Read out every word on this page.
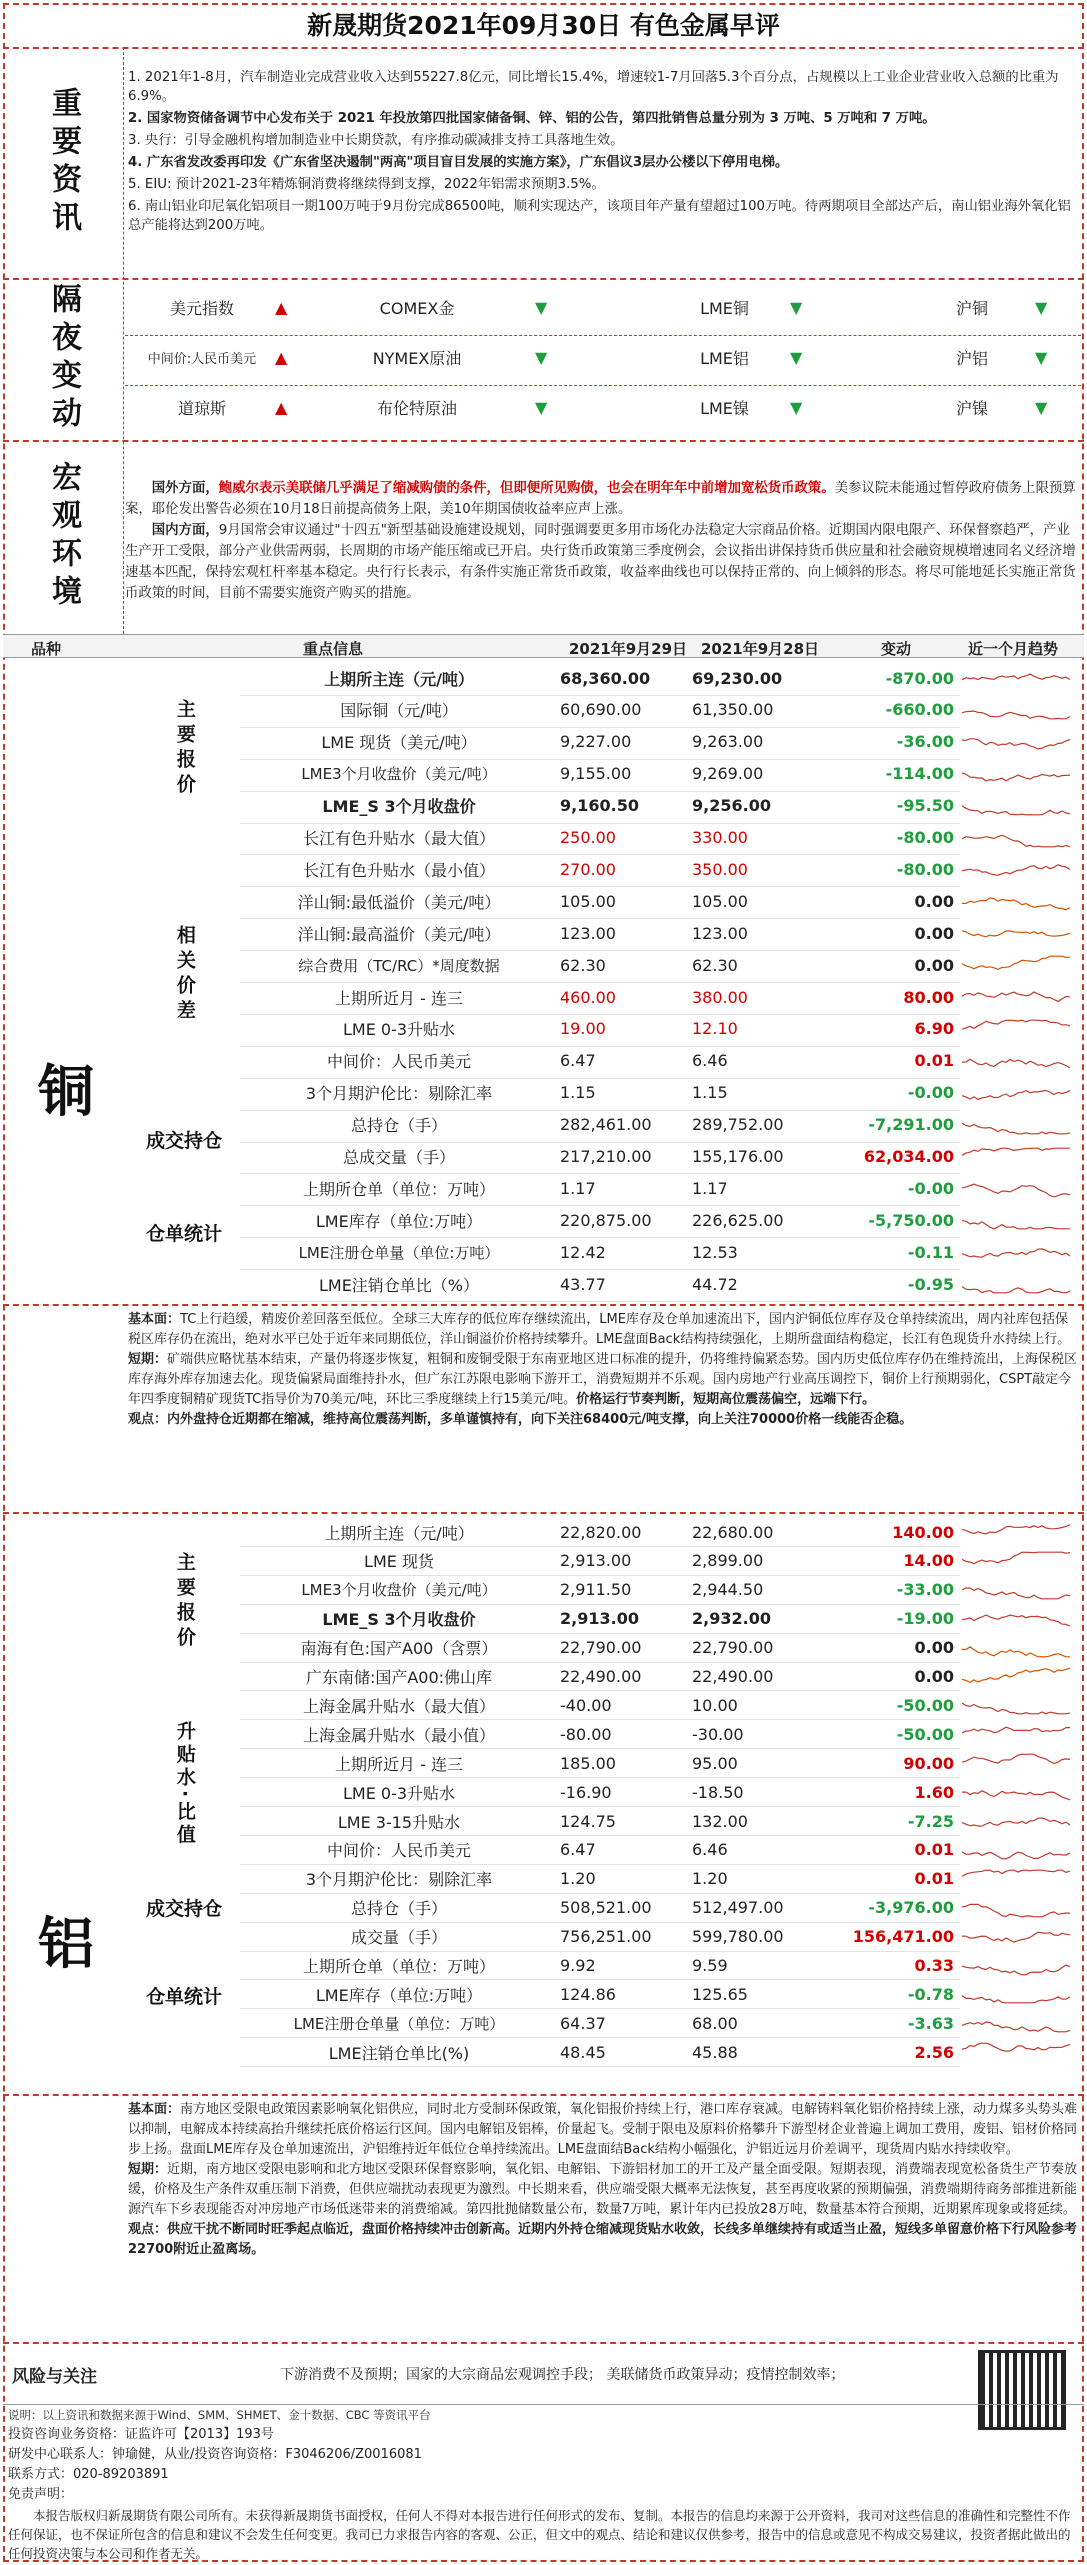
新晟期货2021年09月30日 有色金属早评
重要资讯

1. 2021年1-8月，汽车制造业完成营业收入达到55227.8亿元，同比增长15.4%，增速较1-7月回落5.3个百分点，占规模以上工业企业营业收入总额的比重为6.9%。

2. 国家物资储备调节中心发布关于 2021 年投放第四批国家储备铜、锌、铝的公告，第四批销售总量分别为 3 万吨、5 万吨和 7 万吨。

3. 央行：引导金融机构增加制造业中长期贷款，有序推动碳减排支持工具落地生效。

4. 广东省发改委再印发《广东省坚决遏制"两高"项目盲目发展的实施方案》，广东倡议3层办公楼以下停用电梯。

5. EIU: 预计2021-23年精炼铜消费将继续得到支撑，2022年铝需求预期3.5%。

6. 南山铝业印尼氧化铝项目一期100万吨于9月份完成86500吨，顺利实现达产，该项目年产量有望超过100万吨。待两期项目全部达产后，南山铝业海外氧化铝总产能将达到200万吨。

隔夜变动	美元指数	▲	COMEX金	▼	LME铜	▼	沪铜	▼
中间价:人民币美元	▲	NYMEX原油	▼	LME铝	▼	沪铝	▼
道琼斯	▲	布伦特原油	▼	LME镍	▼	沪镍	▼
宏观环境	国外方面，鲍威尔表示美联储几乎满足了缩减购债的条件，但即便所见购债，也会在明年年中前增加宽松货币政策。美参议院未能通过暂停政府债务上限预算案，耶伦发出警告必须在10月18日前提高债务上限，美10年期国债收益率应声上涨。

国内方面，9月国常会审议通过"十四五"新型基础设施建设规划，同时强调要更多用市场化办法稳定大宗商品价格。近期国内限电限产、环保督察趋严，产业生产开工受限，部分产业供需两弱，长周期的市场产能压缩或已开启。央行货币政策第三季度例会，会议指出讲保持货币供应量和社会融资规模增速同名义经济增速基本匹配，保持宏观杠杆率基本稳定。央行行长表示，有条件实施正常货币政策，收益率曲线也可以保持正常的、向上倾斜的形态。将尽可能地延长实施正常货币政策的时间，目前不需要实施资产购买的措施。

品种	重点信息	2021年9月29日 2021年9月28日	变动	近一个月趋势
铜
主要报价
相关价差
成交持仓
仓单统计
上期所主连（元/吨）	68,360.00	69,230.00	-870.00
国际铜（元/吨）	60,690.00	61,350.00	-660.00
LME 现货（美元/吨）	9,227.00	9,263.00	-36.00
LME3个月收盘价（美元/吨）	9,155.00	9,269.00	-114.00
LME_S 3个月收盘价	9,160.50	9,256.00	-95.50
长江有色升贴水（最大值）	250.00	330.00	-80.00
长江有色升贴水（最小值）	270.00	350.00	-80.00
洋山铜:最低溢价（美元/吨）	105.00	105.00	0.00
洋山铜:最高溢价（美元/吨）	123.00	123.00	0.00
综合费用（TC/RC）*周度数据	62.30	62.30	0.00
上期所近月 - 连三	460.00	380.00	80.00
LME 0-3升贴水	19.00	12.10	6.90
中间价：人民币美元	6.47	6.46	0.01
3个月期沪伦比：剔除汇率	1.15	1.15	-0.00
总持仓（手）	282,461.00	289,752.00	-7,291.00
总成交量（手）	217,210.00	155,176.00	62,034.00
上期所仓单（单位：万吨）	1.17	1.17	-0.00
LME库存（单位:万吨）	220,875.00	226,625.00	-5,750.00
LME注册仓单量（单位:万吨）	12.42	12.53	-0.11
LME注销仓单比（%）	43.77	44.72	-0.95

基本面：TC上行趋缓，精废价差回落至低位。全球三大库存的低位库存继续流出，LME库存及仓单加速流出下，国内沪铜低位库存及仓单持续流出，周内社库包括保税区库存仍在流出，绝对水平已处于近年来同期低位，洋山铜溢价价格持续攀升。LME盘面Back结构持续强化，上期所盘面结构稳定，长江有色现货升水持续上行。

短期：矿端供应略忧基本结束，产量仍将逐步恢复，粗铜和废铜受限于东南亚地区进口标准的提升，仍将维持偏紧态势。国内历史低位库存仍在维持流出，上海保税区库存海外库存加速去化。现货偏紧局面维持扑水，但广东江苏限电影响下游开工，消费短期并不乐观。国内房地产行业高压调控下，铜价上行预期弱化，CSPT敲定今年四季度铜精矿现货TC指导价为70美元/吨，环比三季度继续上行15美元/吨。价格运行节奏判断，短期高位震荡偏空，远端下行。

观点：内外盘持仓近期都在缩减，维持高位震荡判断，多单谨慎持有，向下关注68400元/吨支撑，向上关注70000价格一线能否企稳。

铝
主要报价
升贴水·比值
成交持仓
仓单统计
上期所主连（元/吨）	22,820.00	22,680.00	140.00
LME 现货	2,913.00	2,899.00	14.00
LME3个月收盘价（美元/吨）	2,911.50	2,944.50	-33.00
LME_S 3个月收盘价	2,913.00	2,932.00	-19.00
南海有色:国产A00（含票）	22,790.00	22,790.00	0.00
广东南储:国产A00:佛山库	22,490.00	22,490.00	0.00
上海金属升贴水（最大值）	-40.00	10.00	-50.00
上海金属升贴水（最小值）	-80.00	-30.00	-50.00
上期所近月 - 连三	185.00	95.00	90.00
LME 0-3升贴水	-16.90	-18.50	1.60
LME 3-15升贴水	124.75	132.00	-7.25
中间价：人民币美元	6.47	6.46	0.01
3个月期沪伦比：剔除汇率	1.20	1.20	0.01
总持仓（手）	508,521.00	512,497.00	-3,976.00
成交量（手）	756,251.00	599,780.00	156,471.00
上期所仓单（单位：万吨）	9.92	9.59	0.33
LME库存（单位:万吨）	124.86	125.65	-0.78
LME注册仓单量（单位：万吨）	64.37	68.00	-3.63
LME注销仓单比(%)	48.45	45.88	2.56

基本面：南方地区受限电政策因素影响氧化铝供应，同时北方受制环保政策，氧化铝报价持续上行，港口库存衰减。电解铸料氧化铝价格持续上涨，动力煤多头势头难以抑制，电解成本持续高抬升继续托底价格运行区间。国内电解铝及铝棒，价量起飞。受制于限电及原料价格攀升下游型材企业普遍上调加工费用，废铝、铝材价格同步上扬。盘面LME库存及仓单加速流出，沪铝维持近年低位仓单持续流出。LME盘面结Back结构小幅强化，沪铝近远月价差调平，现货周内贴水持续收窄。

短期：近期，南方地区受限电影响和北方地区受限环保督察影响，氧化铝、电解铝、下游铝材加工的开工及产量全面受限。短期表现，消费端表现宽松备货生产节奏放缓，价格及生产条件双重压制下消费，但供应端扰动表现更为激烈。中长期来看，供应端受限大概率无法恢复，甚至再度收紧的预期偏强，消费端期待商务部推进新能源汽车下乡表现能否对冲房地产市场低迷带来的消费缩减。第四批抛储数量公布，数量7万吨，累计年内已投放28万吨，数量基本符合预期，近期累库现象或将延续。

观点：供应干扰不断同时旺季起点临近，盘面价格持续冲击创新高。近期内外持仓缩减现货贴水收敛，长线多单继续持有或适当止盈，短线多单留意价格下行风险参考22700附近止盈离场。

风险与关注	下游消费不及预期；国家的大宗商品宏观调控手段； 美联储货币政策异动；疫情控制效率；
说明：以上资讯和数据来源于Wind、SMM、SHMET、金十数据、CBC 等资讯平台
投资咨询业务资格：证监许可【2013】193号
研发中心联系人：钟瑜健，从业/投资咨询资格：F3046206/Z0016081
联系方式：020-89203891
免责声明：
本报告版权归新晟期货有限公司所有。未获得新晟期货书面授权，任何人不得对本报告进行任何形式的发布、复制。本报告的信息均来源于公开资料，我司对这些信息的准确性和完整性不作任何保证，也不保证所包含的信息和建议不会发生任何变更。我司已力求报告内容的客观、公正，但文中的观点、结论和建议仅供参考，报告中的信息或意见不构成交易建议，投资者据此做出的任何投资决策与本公司和作者无关。
